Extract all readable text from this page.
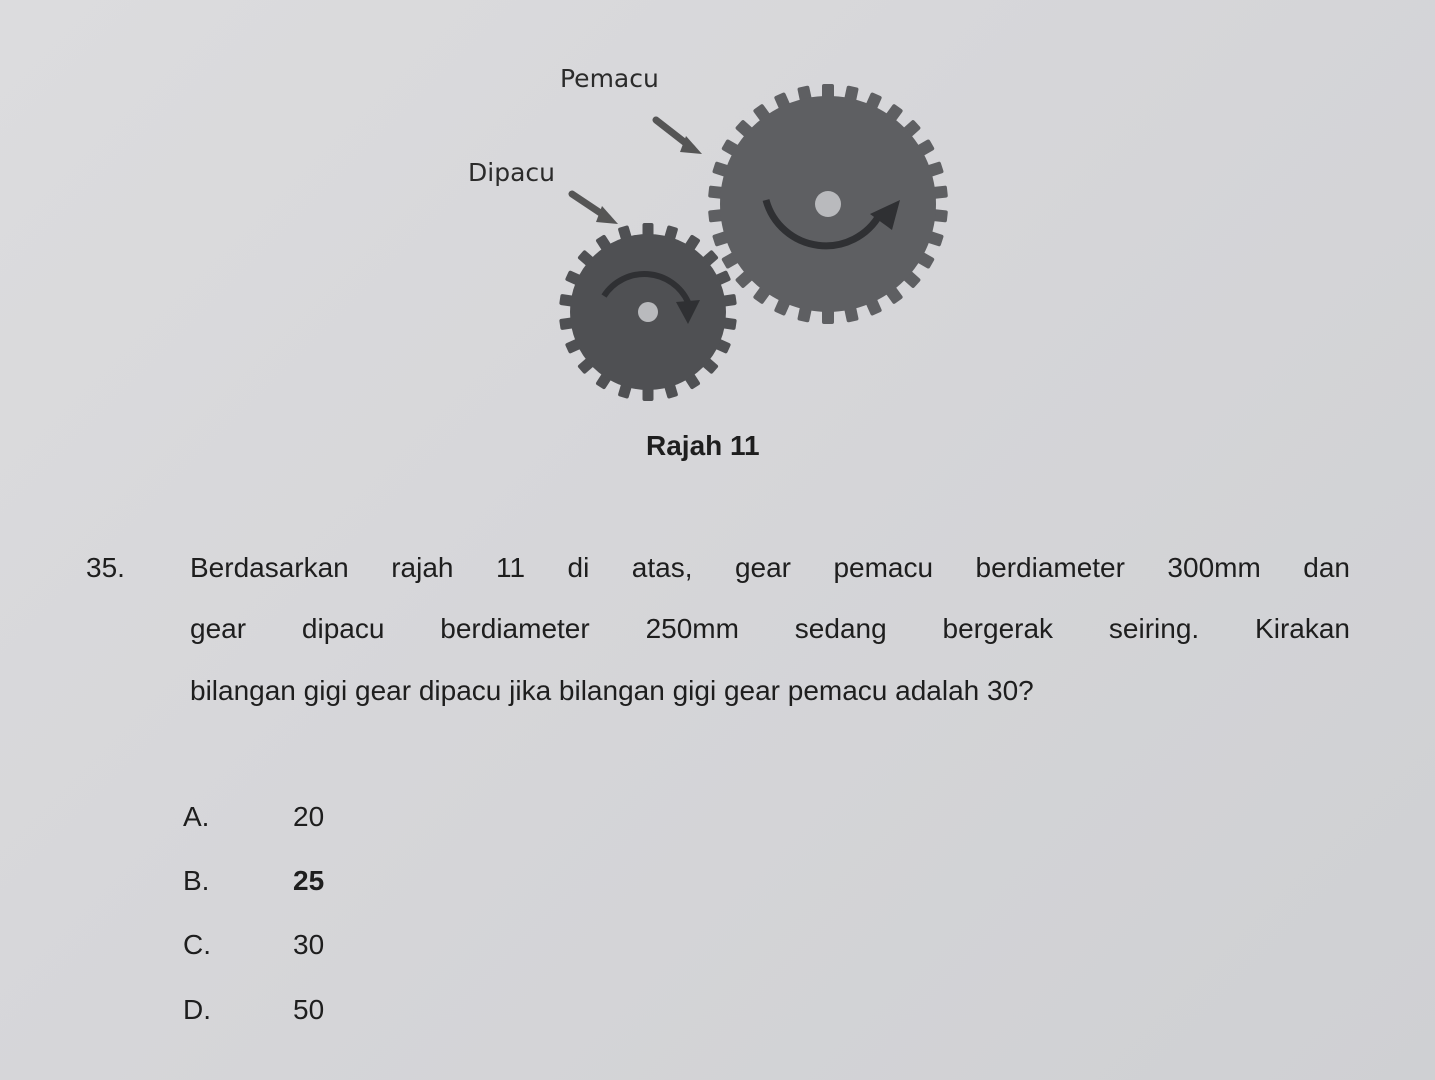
Pemacu
Dipacu
Rajah 11
35. Berdasarkan rajah 11 di atas, gear pemacu berdiameter 300mm dan
gear dipacu berdiameter 250mm sedang bergerak seiring. Kirakan
bilangan gigi gear dipacu jika bilangan gigi gear pemacu adalah 30?
A.	20
B.	25
C.	30
D.	50
